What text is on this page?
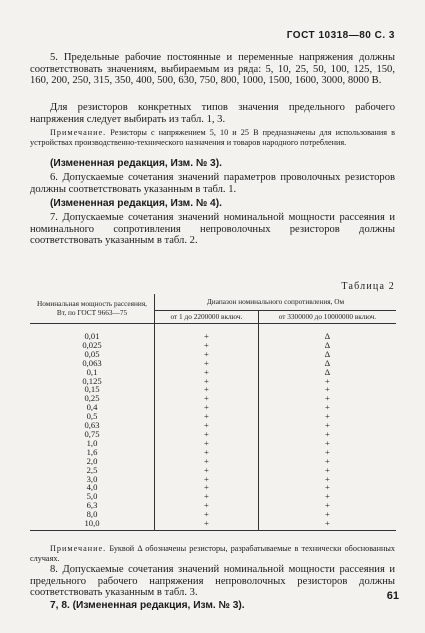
ГОСТ 10318—80 С. 3
5. Предельные рабочие постоянные и переменные напряжения должны соответствовать значениям, выбираемым из ряда: 5, 10, 25, 50, 100, 125, 150, 160, 200, 250, 315, 350, 400, 500, 630, 750, 800, 1000, 1500, 1600, 3000, 8000 В.
Для резисторов конкретных типов значения предельного рабочего напряжения следует выбирать из табл. 1, 3.
Примечание. Резисторы с напряжением 5, 10 и 25 В предназначены для использования в устройствах производственно-технического назначения и товаров народного потребления.
(Измененная редакция, Изм. № 3).
6. Допускаемые сочетания значений параметров проволочных резисторов должны соответствовать указанным в табл. 1.
(Измененная редакция, Изм. № 4).
7. Допускаемые сочетания значений номинальной мощности рассеяния и номинального сопротивления непроволочных резисторов должны соответствовать указанным в табл. 2.
Таблица 2
Номинальная мощность рассеяния, Вт, по ГОСТ 9663—75	Диапазон номинального сопротивления, Ом	
	от 1 до 2200000 включ.	от 3300000 до 10000000 включ.
0,01	+	Δ
0,025	+	Δ
0,05	+	Δ
0,063	+	Δ
0,1	+	Δ
0,125	+	+
0,15	+	+
0,25	+	+
0,4	+	+
0,5	+	+
0,63	+	+
0,75	+	+
1,0	+	+
1,6	+	+
2,0	+	+
2,5	+	+
3,0	+	+
4,0	+	+
5,0	+	+
6,3	+	+
8,0	+	+
10,0	+	+
Примечание. Буквой Δ обозначены резисторы, разрабатываемые в технически обоснованных случаях.
8. Допускаемые сочетания значений номинальной мощности рассеяния и предельного рабочего напряжения непроволочных резисторов должны соответствовать указанным в табл. 3.
7, 8. (Измененная редакция, Изм. № 3).
61
